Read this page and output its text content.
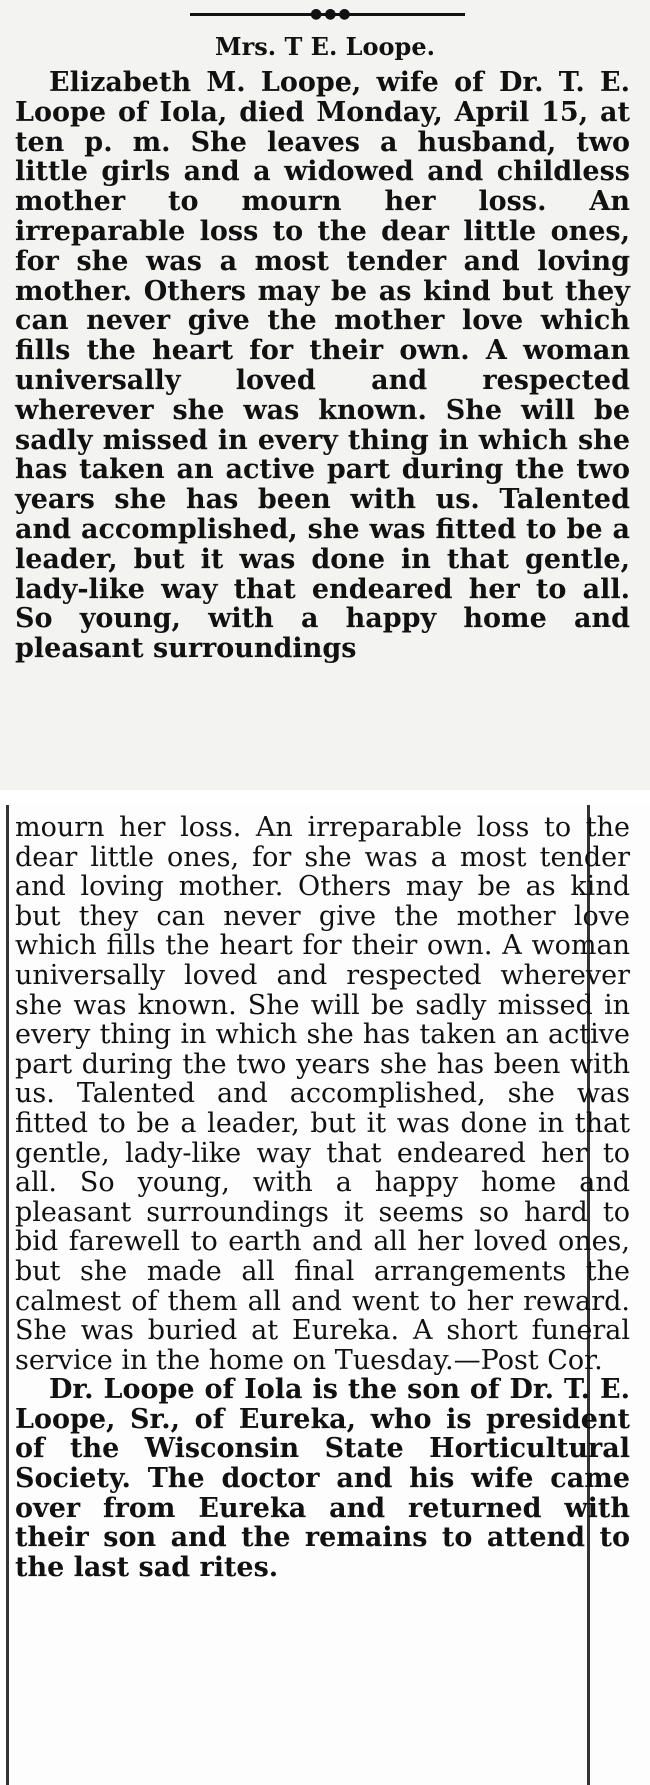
●●●
Mrs. T E. Loope.
Elizabeth M. Loope, wife of Dr. T. E. Loope of Iola, died Monday, April 15, at ten p. m. She leaves a husband, two little girls and a widowed and childless mother to mourn her loss. An irreparable loss to the dear little ones, for she was a most tender and loving mother. Others may be as kind but they can never give the mother love which fills the heart for their own. A woman universally loved and respected wherever she was known. She will be sadly missed in every thing in which she has taken an active part during the two years she has been with us. Talented and accomplished, she was fitted to be a leader, but it was done in that gentle, lady-like way that endeared her to all. So young, with a happy home and pleasant surroundings
mourn her loss. An irreparable loss to the dear little ones, for she was a most tender and loving mother. Others may be as kind but they can never give the mother love which fills the heart for their own. A woman universally loved and respected wherever she was known. She will be sadly missed in every thing in which she has taken an active part during the two years she has been with us. Talented and accomplished, she was fitted to be a leader, but it was done in that gentle, lady-like way that endeared her to all. So young, with a happy home and pleasant surroundings it seems so hard to bid farewell to earth and all her loved ones, but she made all final arrangements the calmest of them all and went to her reward. She was buried at Eureka. A short funeral service in the home on Tuesday.—Post Cor.
Dr. Loope of Iola is the son of Dr. T. E. Loope, Sr., of Eureka, who is president of the Wisconsin State Horticultural Society. The doctor and his wife came over from Eureka and returned with their son and the remains to attend to the last sad rites.
